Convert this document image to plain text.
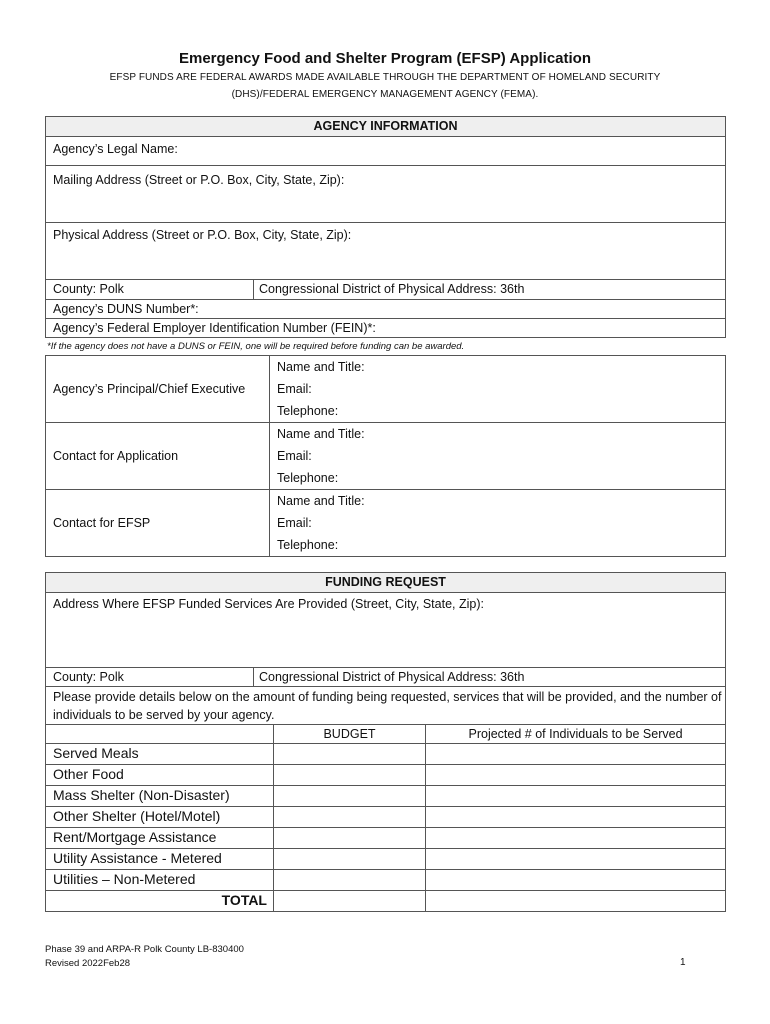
Emergency Food and Shelter Program (EFSP) Application
EFSP FUNDS ARE FEDERAL AWARDS MADE AVAILABLE THROUGH THE DEPARTMENT OF HOMELAND SECURITY (DHS)/FEDERAL EMERGENCY MANAGEMENT AGENCY (FEMA).
AGENCY INFORMATION
Agency’s Legal Name:
Mailing Address (Street or P.O. Box, City, State, Zip):
Physical Address (Street or P.O. Box, City, State, Zip):
County: Polk	Congressional District of Physical Address: 36th
Agency’s DUNS Number*:
Agency’s Federal Employer Identification Number (FEIN)*:
*If the agency does not have a DUNS or FEIN, one will be required before funding can be awarded.
Agency’s Principal/Chief Executive	Name and Title:
Email:
Telephone:

Contact for Application	Name and Title:
Email:
Telephone:

Contact for EFSP	Name and Title:
Email:
Telephone:
FUNDING REQUEST			
Address Where EFSP Funded Services Are Provided (Street, City, State, Zip):			
County: Polk	Congressional District of Physical Address: 36th		
Please provide details below on the amount of funding being requested, services that will be provided, and the number of individuals to be served by your agency.			
		BUDGET	Projected # of Individuals to be Served
Served Meals			
Other Food			
Mass Shelter (Non-Disaster)			
Other Shelter (Hotel/Motel)			
Rent/Mortgage Assistance			
Utility Assistance - Metered			
Utilities – Non-Metered			
TOTAL			
Phase 39 and ARPA-R Polk County LB-830400
Revised 2022Feb28	1
